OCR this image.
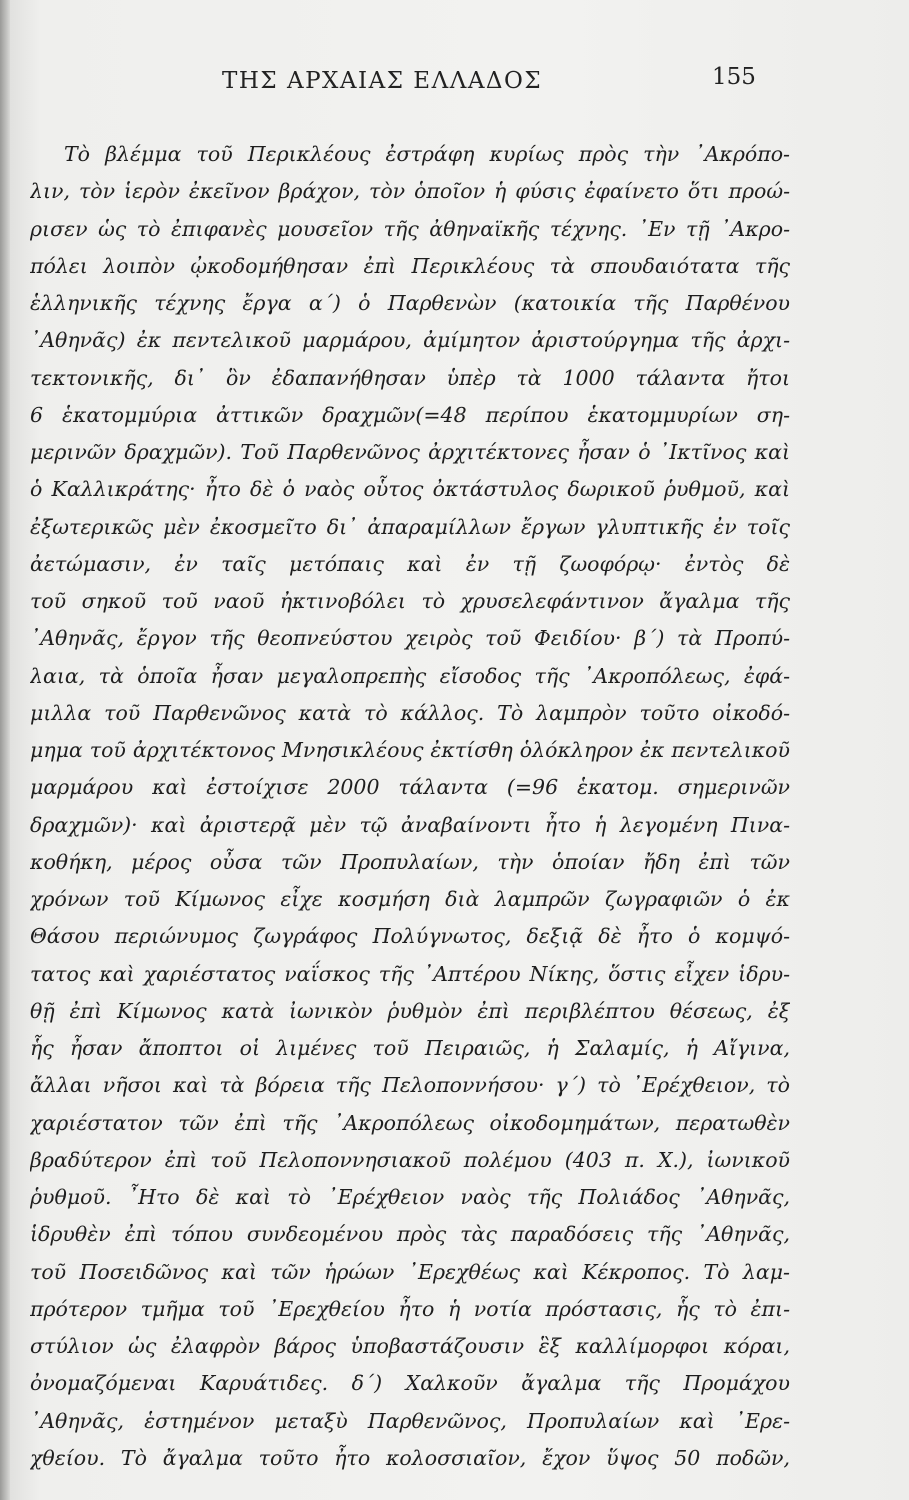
ΤΗΣ ΑΡΧΑΙΑΣ ΕΛΛΑΔΟΣ	155
Τὸ βλέμμα τοῦ Περικλέους ἐστράφη κυρίως πρὸς τὴν ᾿Ακρόπο-
λιν, τὸν ἱερὸν ἐκεῖνον βράχον, τὸν ὁποῖον ἡ φύσις ἐφαίνετο ὅτι προώ-
ρισεν ὡς τὸ ἐπιφανὲς μουσεῖον τῆς ἀθηναϊκῆς τέχνης. ᾿Εν τῇ ᾿Ακρο-
πόλει λοιπὸν ᾠκοδομήθησαν ἐπὶ Περικλέους τὰ σπουδαιότατα τῆς
ἑλληνικῆς τέχνης ἔργα α´) ὁ Παρθενὼν (κατοικία τῆς Παρθένου
᾿Αθηνᾶς) ἐκ πεντελικοῦ μαρμάρου, ἀμίμητον ἀριστούργημα τῆς ἀρχι-
τεκτονικῆς, δι᾿ ὃν ἐδαπανήθησαν ὑπὲρ τὰ 1000 τάλαντα ἤτοι
6 ἑκατομμύρια ἀττικῶν δραχμῶν(=48 περίπου ἑκατομμυρίων ση-
μερινῶν δραχμῶν). Τοῦ Παρθενῶνος ἀρχιτέκτονες ἦσαν ὁ ᾿Ικτῖνος καὶ
ὁ Καλλικράτης· ἦτο δὲ ὁ ναὸς οὗτος ὀκτάστυλος δωρικοῦ ῥυθμοῦ, καὶ
ἐξωτερικῶς μὲν ἐκοσμεῖτο δι᾿ ἀπαραμίλλων ἔργων γλυπτικῆς ἐν τοῖς
ἀετώμασιν, ἐν ταῖς μετόπαις καὶ ἐν τῇ ζωοφόρῳ· ἐντὸς δὲ
τοῦ σηκοῦ τοῦ ναοῦ ἠκτινοβόλει τὸ χρυσελεφάντινον ἄγαλμα τῆς
᾿Αθηνᾶς, ἔργον τῆς θεοπνεύστου χειρὸς τοῦ Φειδίου· β´) τὰ Προπύ-
λαια, τὰ ὁποῖα ἦσαν μεγαλοπρεπὴς εἴσοδος τῆς ᾿Ακροπόλεως, ἐφά-
μιλλα τοῦ Παρθενῶνος κατὰ τὸ κάλλος. Τὸ λαμπρὸν τοῦτο οἰκοδό-
μημα τοῦ ἀρχιτέκτονος Μνησικλέους ἐκτίσθη ὁλόκληρον ἐκ πεντελικοῦ
μαρμάρου καὶ ἐστοίχισε 2000 τάλαντα (=96 ἑκατομ. σημερινῶν
δραχμῶν)· καὶ ἀριστερᾷ μὲν τῷ ἀναβαίνοντι ἦτο ἡ λεγομένη Πινα-
κοθήκη, μέρος οὖσα τῶν Προπυλαίων, τὴν ὁποίαν ἤδη ἐπὶ τῶν
χρόνων τοῦ Κίμωνος εἶχε κοσμήση διὰ λαμπρῶν ζωγραφιῶν ὁ ἐκ
Θάσου περιώνυμος ζωγράφος Πολύγνωτος, δεξιᾷ δὲ ἦτο ὁ κομψό-
τατος καὶ χαριέστατος ναΐσκος τῆς ᾿Απτέρου Νίκης, ὅστις εἶχεν ἱδρυ-
θῇ ἐπὶ Κίμωνος κατὰ ἰωνικὸν ῥυθμὸν ἐπὶ περιβλέπτου θέσεως, ἐξ
ἧς ἦσαν ἄποπτοι οἱ λιμένες τοῦ Πειραιῶς, ἡ Σαλαμίς, ἡ Αἴγινα,
ἄλλαι νῆσοι καὶ τὰ βόρεια τῆς Πελοποννήσου· γ´) τὸ ᾿Ερέχθειον, τὸ
χαριέστατον τῶν ἐπὶ τῆς ᾿Ακροπόλεως οἰκοδομημάτων, περατωθὲν
βραδύτερον ἐπὶ τοῦ Πελοποννησιακοῦ πολέμου (403 π. Χ.), ἰωνικοῦ
ῥυθμοῦ. ῏Ητο δὲ καὶ τὸ ᾿Ερέχθειον ναὸς τῆς Πολιάδος ᾿Αθηνᾶς,
ἱδρυθὲν ἐπὶ τόπου συνδεομένου πρὸς τὰς παραδόσεις τῆς ᾿Αθηνᾶς,
τοῦ Ποσειδῶνος καὶ τῶν ἡρώων ᾿Ερεχθέως καὶ Κέκροπος. Τὸ λαμ-
πρότερον τμῆμα τοῦ ᾿Ερεχθείου ἦτο ἡ νοτία πρόστασις, ἧς τὸ ἐπι-
στύλιον ὡς ἐλαφρὸν βάρος ὑποβαστάζουσιν ἓξ καλλίμορφοι κόραι,
ὀνομαζόμεναι Καρυάτιδες. δ´) Χαλκοῦν ἄγαλμα τῆς Προμάχου
᾿Αθηνᾶς, ἑστημένον μεταξὺ Παρθενῶνος, Προπυλαίων καὶ ᾿Ερε-
χθείου. Τὸ ἄγαλμα τοῦτο ἦτο κολοσσιαῖον, ἔχον ὕψος 50 ποδῶν,
